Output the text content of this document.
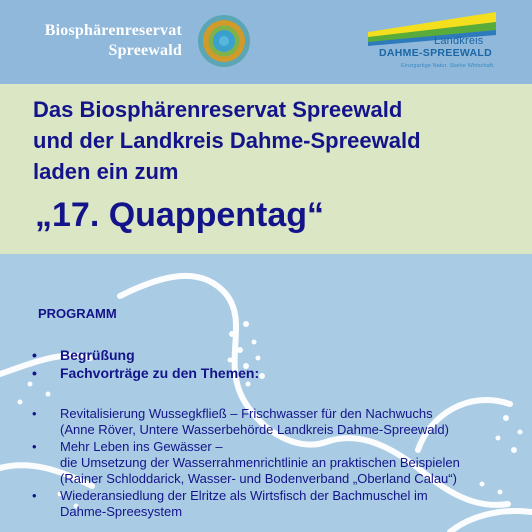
Biosphärenreservat
Spreewald
Landkreis
DAHME-SPREEWALD
Einzigartige Natur. Starke Wirtschaft.
Das Biosphärenreservat Spreewald
und der Landkreis Dahme-Spreewald
laden ein zum
„17. Quappentag“
PROGRAMM
• Begrüßung
• Fachvorträge zu den Themen:
• Revitalisierung Wussegkfließ – Frischwasser für den Nachwuchs
(Anne Röver, Untere Wasserbehörde Landkreis Dahme-Spreewald)
• Mehr Leben ins Gewässer –
die Umsetzung der Wasserrahmenrichtlinie an praktischen Beispielen
(Rainer Schloddarick, Wasser- und Bodenverband „Oberland Calau“)
• Wiederansiedlung der Elritze als Wirtsfisch der Bachmuschel im
Dahme-Spreesystem
